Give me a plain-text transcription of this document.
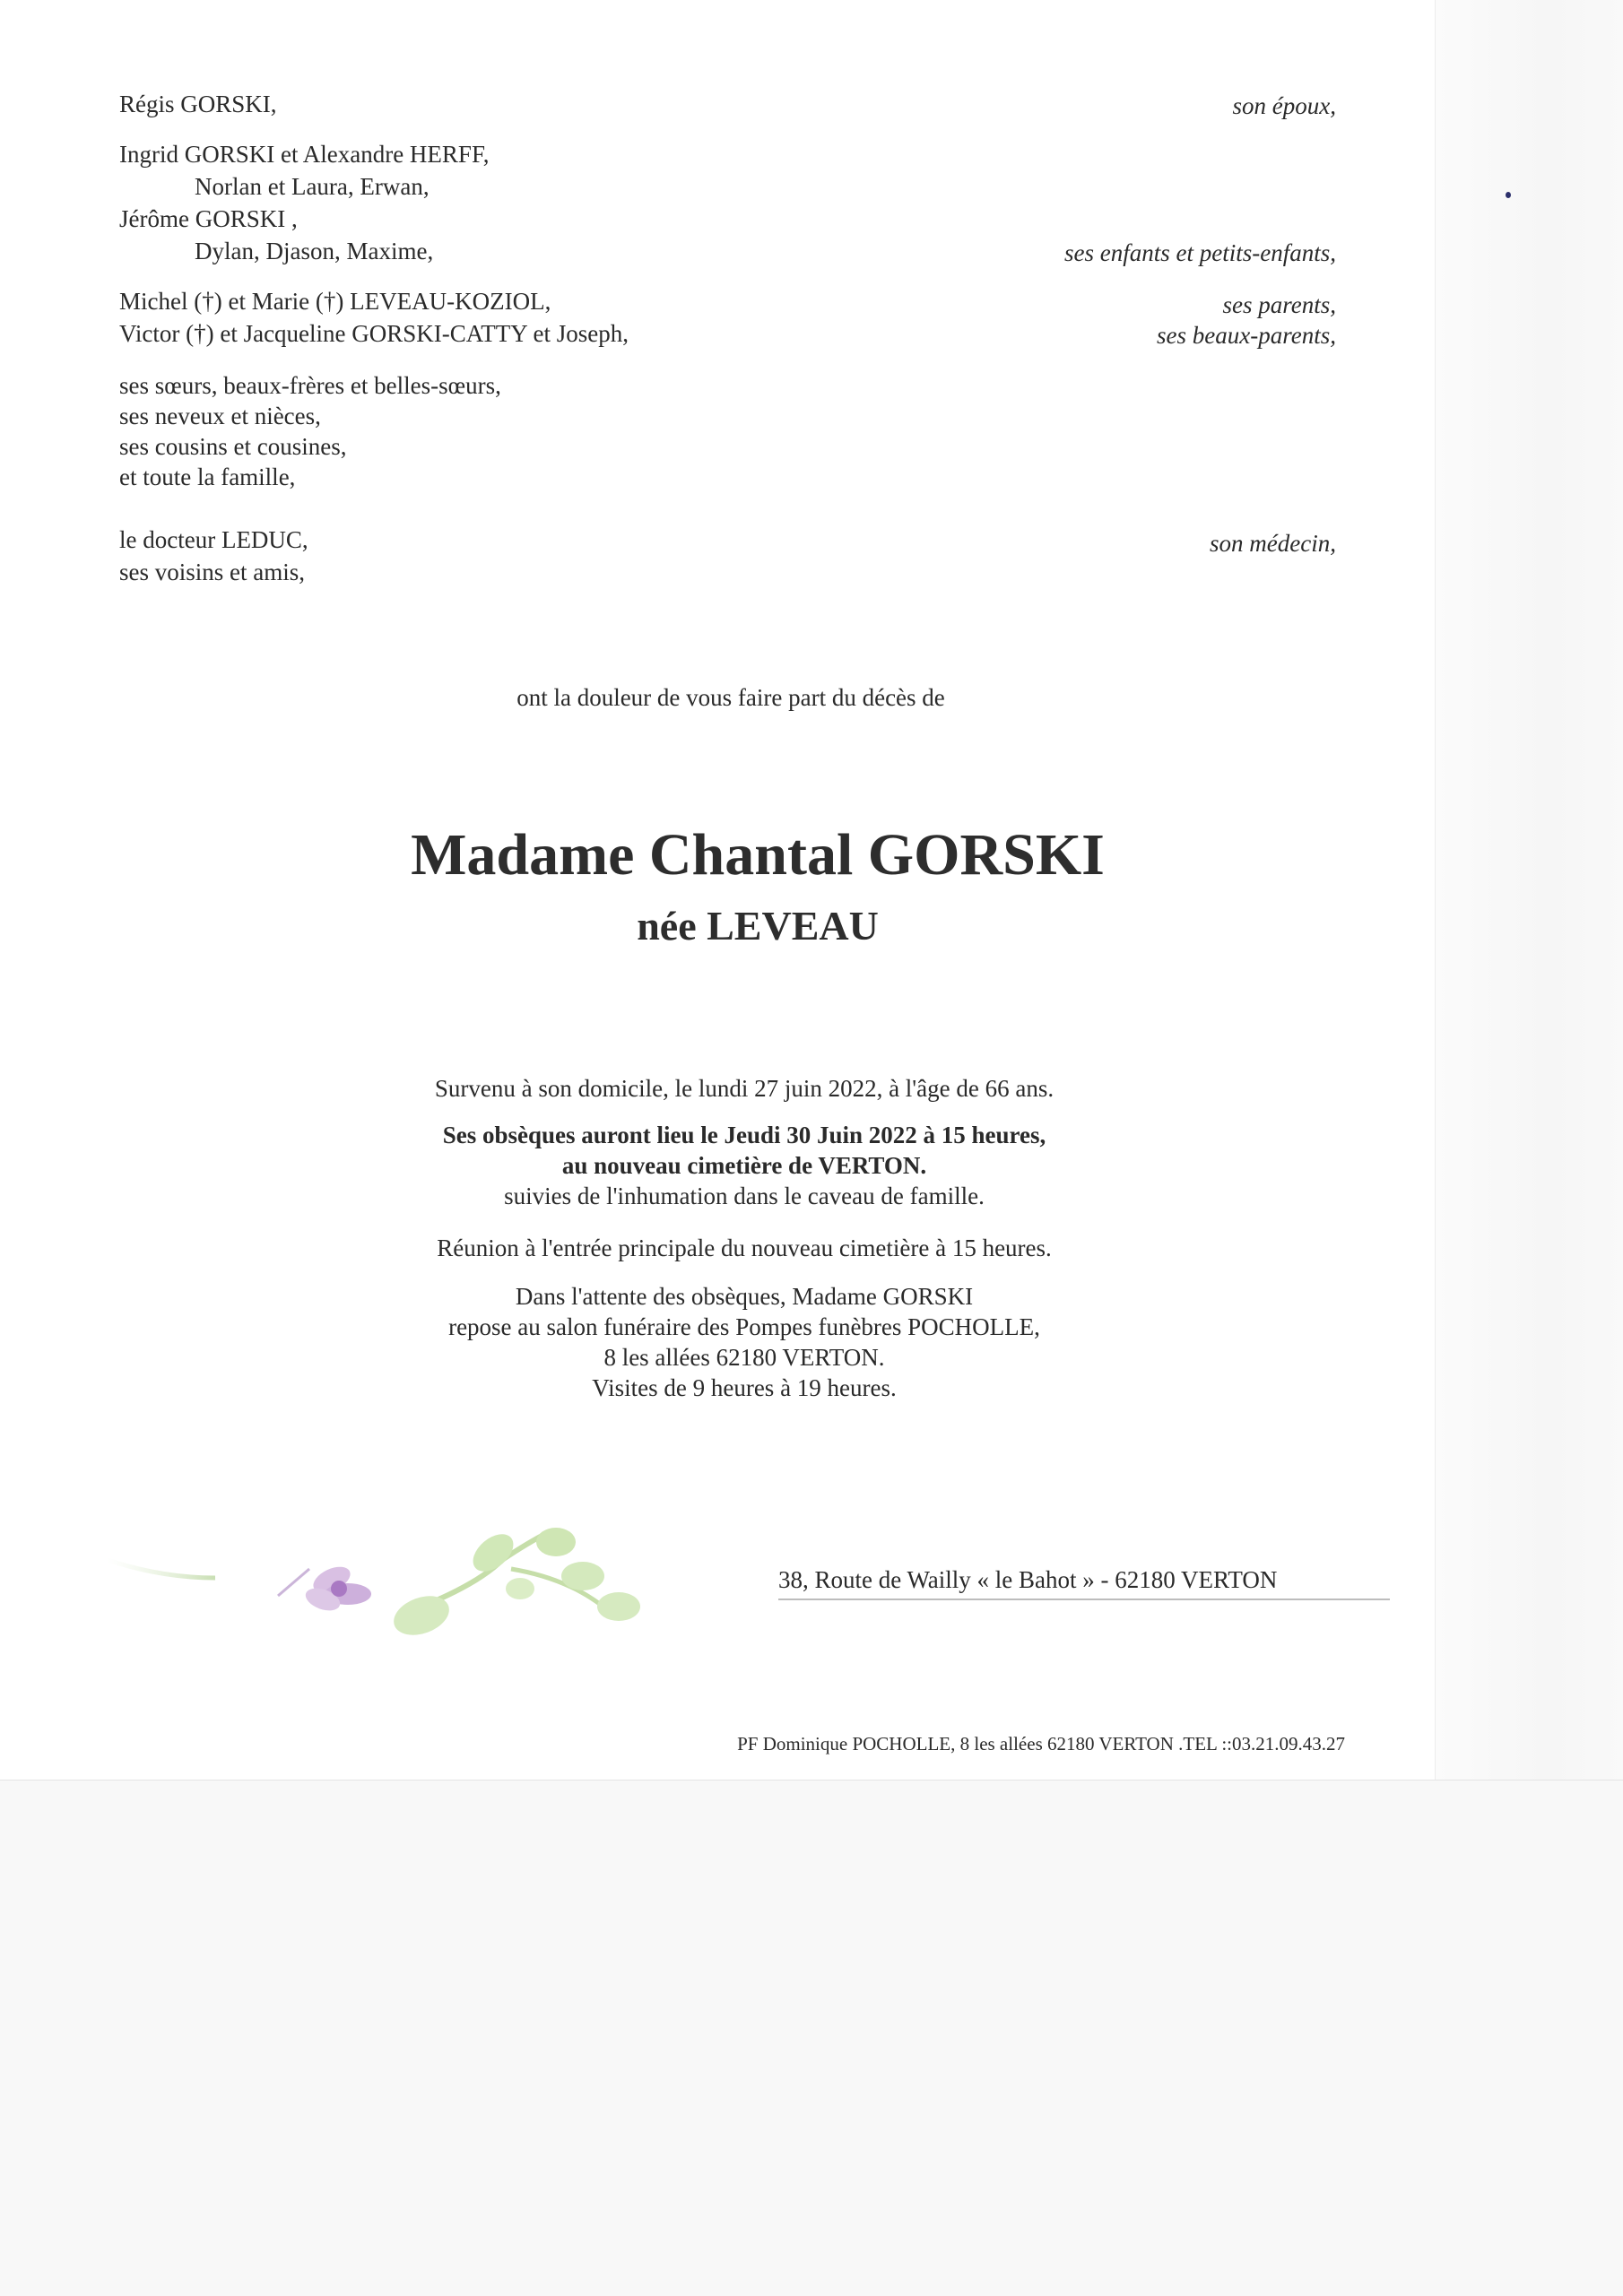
Régis GORSKI,	son époux,
Ingrid GORSKI et Alexandre HERFF,
Norlan et Laura, Erwan,
Jérôme GORSKI ,
Dylan, Djason, Maxime,	ses enfants et petits-enfants,
Michel (†) et Marie (†) LEVEAU-KOZIOL,	ses parents,
Victor (†) et Jacqueline GORSKI-CATTY et Joseph,	ses beaux-parents,
ses sœurs, beaux-frères et belles-sœurs,
ses neveux et nièces,
ses cousins et cousines,
et toute la famille,
le docteur LEDUC,	son médecin,
ses voisins et amis,
ont la douleur de vous faire part du décès de
Madame Chantal GORSKI
née LEVEAU
Survenu à son domicile, le lundi 27 juin 2022, à l'âge de 66 ans.
Ses obsèques auront lieu le Jeudi 30 Juin 2022 à 15 heures,
au nouveau cimetière de VERTON.
suivies de l'inhumation dans le caveau de famille.
Réunion à l'entrée principale du nouveau cimetière à 15 heures.
Dans l'attente des obsèques, Madame GORSKI
repose au salon funéraire des Pompes funèbres POCHOLLE,
8 les allées 62180 VERTON.
Visites de 9 heures à 19 heures.
38, Route de Wailly « le Bahot » - 62180 VERTON
PF Dominique POCHOLLE, 8 les allées 62180 VERTON .TEL ::03.21.09.43.27
